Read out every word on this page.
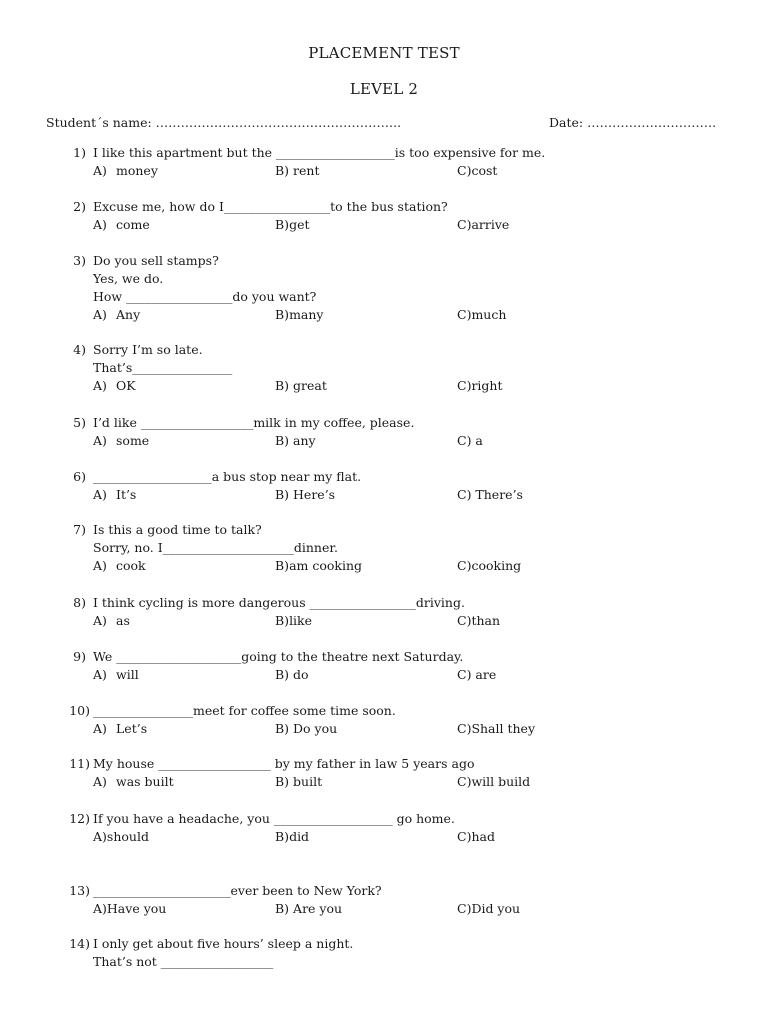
PLACEMENT TEST
LEVEL 2
Student´s name: …………………………………………………..	Date: ………………………….
1) I like this apartment but the ___________________is too expensive for me.
A) money	B) rent	C)cost
2) Excuse me, how do I_________________to the bus station?
A) come	B)get	C)arrive
3) Do you sell stamps?
Yes, we do.
How _________________do you want?
A) Any	B)many	C)much
4) Sorry I’m so late.
That’s________________
A) OK	B) great	C)right
5) I’d like __________________milk in my coffee, please.
A) some	B) any	C) a
6) ___________________a bus stop near my flat.
A) It’s	B) Here’s	C) There’s
7) Is this a good time to talk?
Sorry, no. I_____________________dinner.
A) cook	B)am cooking	C)cooking
8) I think cycling is more dangerous _________________driving.
A) as	B)like	C)than
9) We ____________________going to the theatre next Saturday.
A) will	B) do	C) are
10) ________________meet for coffee some time soon.
A) Let’s	B) Do you	C)Shall they
11) My house __________________ by my father in law 5 years ago
A) was built	B) built	C)will build
12) If you have a headache, you ___________________ go home.
A)should	B)did	C)had
13) ______________________ever been to New York?
A)Have you	B) Are you	C)Did you
14) I only get about five hours’ sleep a night.
That’s not __________________
